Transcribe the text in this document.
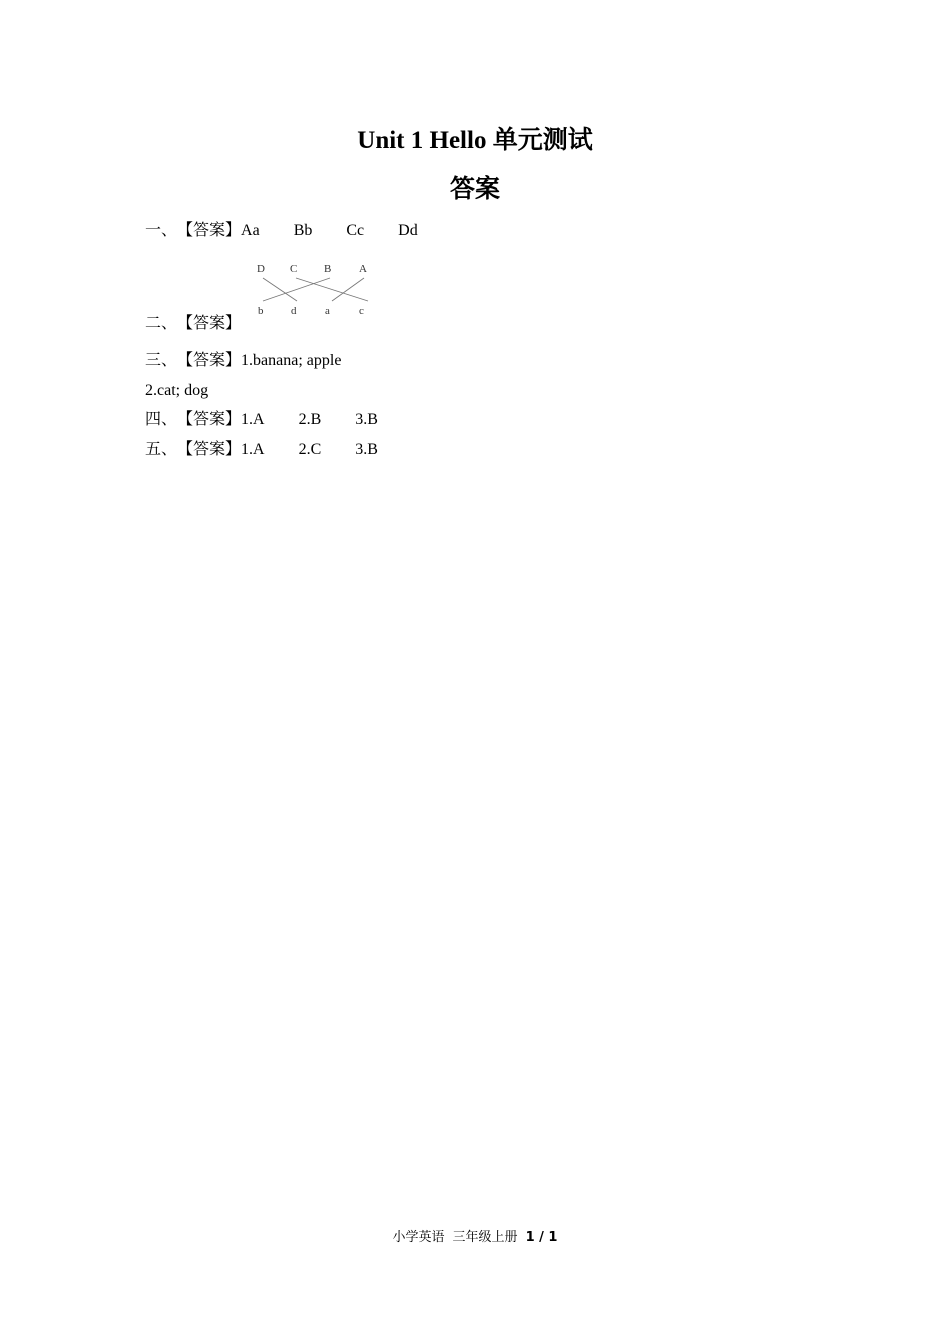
Unit 1 Hello 单元测试
答案
一、【答案】Aa Bb Cc Dd
D C B	A
b	d	a	c
二、【答案】
三、【答案】1.banana; apple
2.cat; dog
四、【答案】1.A 2.B 3.B
五、【答案】1.A 2.C 3.B
小学英语 三年级上册 1 / 1
